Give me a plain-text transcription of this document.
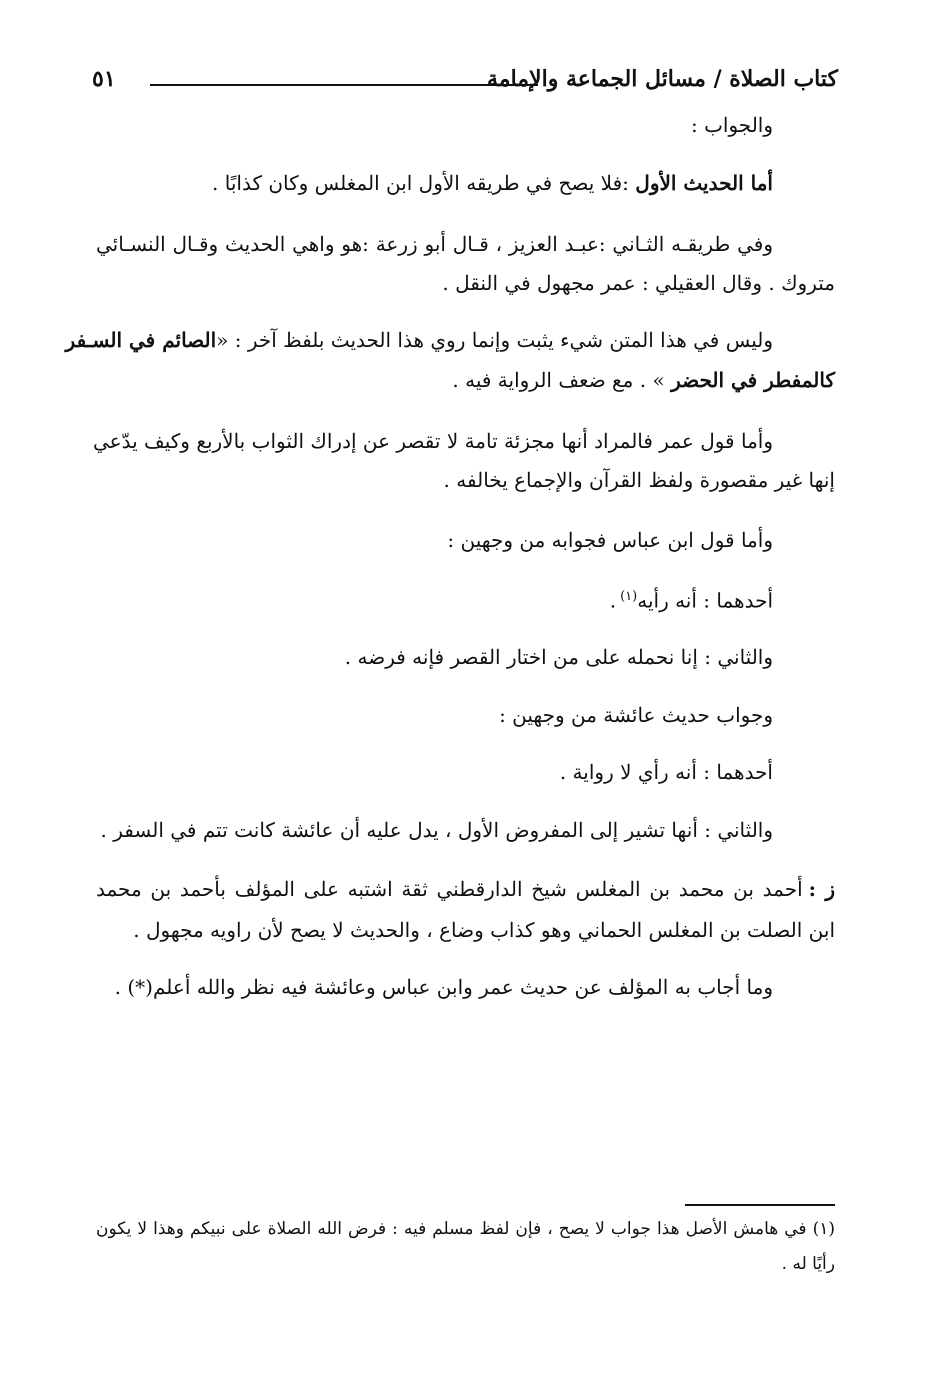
كتاب الصلاة / مسائل الجماعة والإمامة
٥١
والجواب :
أما الحديث الأول :فلا يصح في طريقه الأول ابن المغلس وكان كذابًا .
وفي طريقـه الثـاني :عبـد العزيز ، قـال أبو زرعة :هو واهي الحديث وقـال النسـائي
متروك . وقال العقيلي : عمر مجهول في النقل .
وليس في هذا المتن شيء يثبت وإنما روي هذا الحديث بلفظ آخر : «الصائم في السـفر
كالمفطر في الحضر » . مع ضعف الرواية فيه .
وأما قول عمر فالمراد أنها مجزئة تامة لا تقصر عن إدراك الثواب بالأربع وكيف يدّعي
إنها غير مقصورة ولفظ القرآن والإجماع يخالفه .
وأما قول ابن عباس فجوابه من وجهين :
أحدهما : أنه رأيه$^{(١)}$.
والثاني : إنا نحمله على من اختار القصر فإنه فرضه .
وجواب حديث عائشة من وجهين :
أحدهما : أنه رأي لا رواية .
والثاني : أنها تشير إلى المفروض الأول ، يدل عليه أن عائشة كانت تتم في السفر .
ز :أحمد بن محمد بن المغلس شيخ الدارقطني ثقة اشتبه على المؤلف بأحمد بن محمد
ابن الصلت بن المغلس الحماني وهو كذاب وضاع ، والحديث لا يصح لأن راويه مجهول .
وما أجاب به المؤلف عن حديث عمر وابن عباس وعائشة فيه نظر والله أعلم(*) .
(١) في هامش الأصل هذا جواب لا يصح ، فإن لفظ مسلم فيه : فرض الله الصلاة على نبيكم وهذا لا يكون
رأيًا له .
